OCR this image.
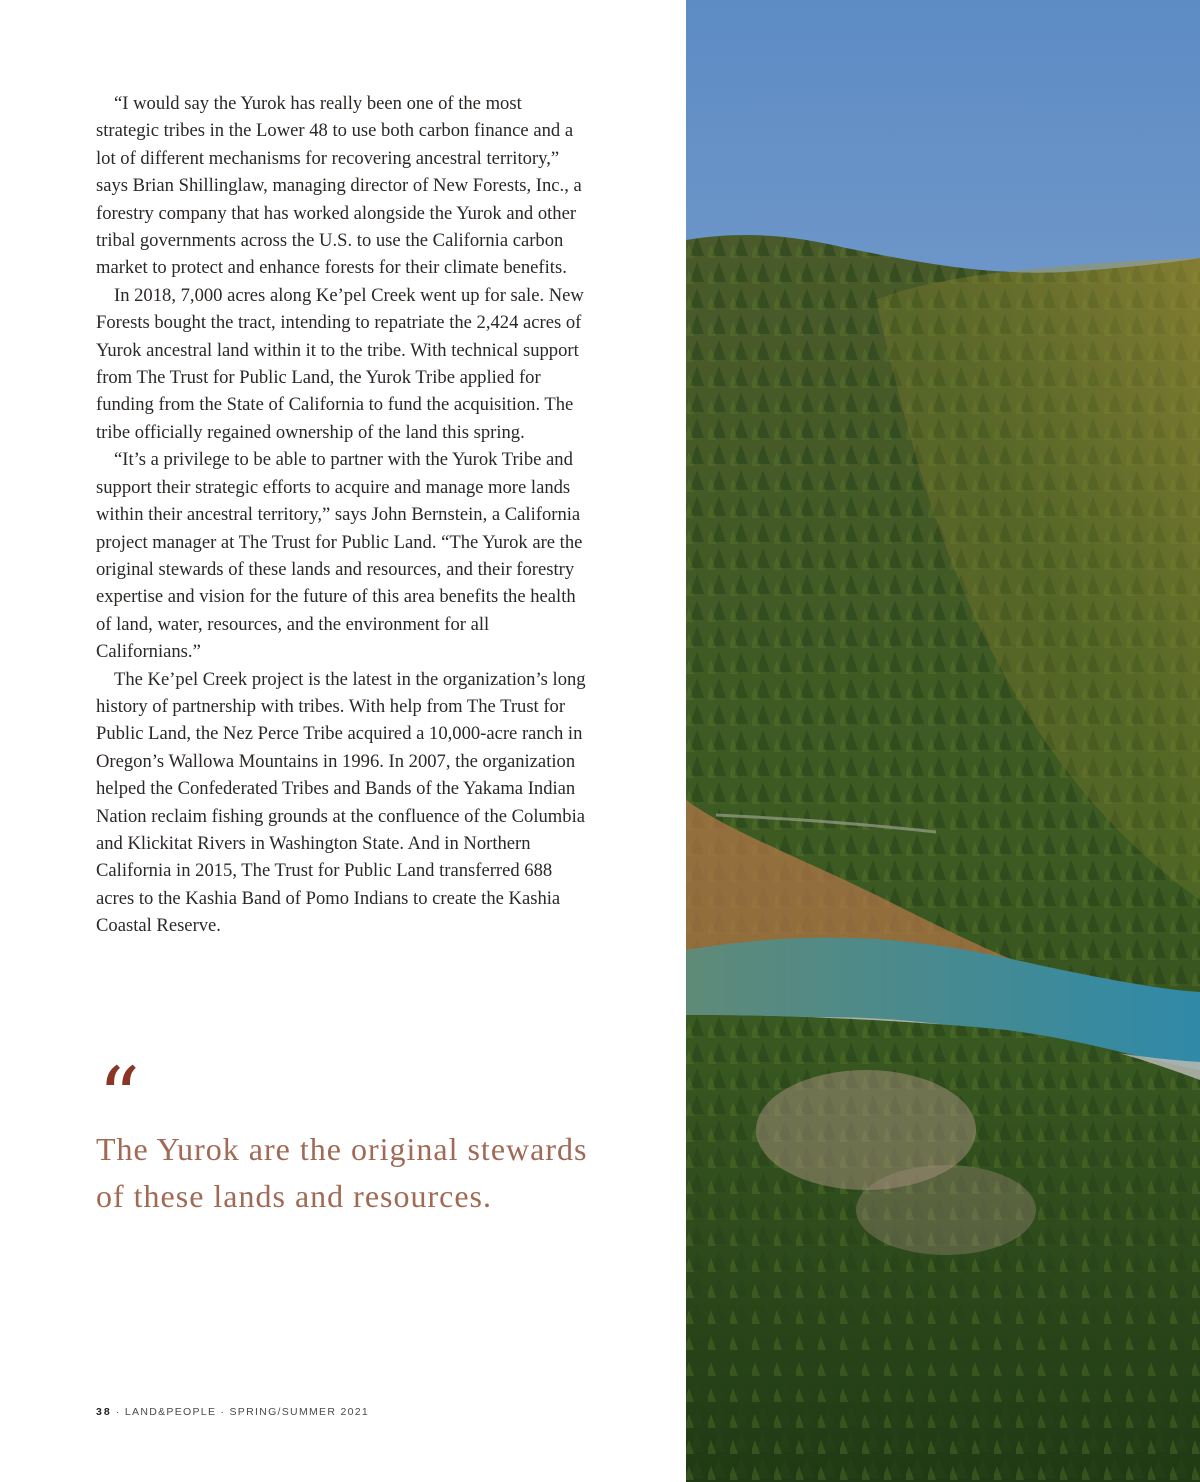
“I would say the Yurok has really been one of the most strategic tribes in the Lower 48 to use both carbon finance and a lot of different mechanisms for recovering ancestral territory,” says Brian Shillinglaw, managing director of New Forests, Inc., a forestry company that has worked alongside the Yurok and other tribal governments across the U.S. to use the California carbon market to protect and enhance forests for their climate benefits.

In 2018, 7,000 acres along Ke’pel Creek went up for sale. New Forests bought the tract, intending to repatriate the 2,424 acres of Yurok ancestral land within it to the tribe. With technical support from The Trust for Public Land, the Yurok Tribe applied for funding from the State of California to fund the acquisition. The tribe officially regained ownership of the land this spring.

“It’s a privilege to be able to partner with the Yurok Tribe and support their strategic efforts to acquire and manage more lands within their ancestral territory,” says John Bernstein, a California project manager at The Trust for Public Land. “The Yurok are the original stewards of these lands and resources, and their forestry expertise and vision for the future of this area benefits the health of land, water, resources, and the environment for all Californians.”

The Ke’pel Creek project is the latest in the organization’s long history of partnership with tribes. With help from The Trust for Public Land, the Nez Perce Tribe acquired a 10,000-acre ranch in Oregon’s Wallowa Mountains in 1996. In 2007, the organization helped the Confederated Tribes and Bands of the Yakama Indian Nation reclaim fishing grounds at the confluence of the Columbia and Klickitat Rivers in Washington State. And in Northern California in 2015, The Trust for Public Land transferred 688 acres to the Kashia Band of Pomo Indians to create the Kashia Coastal Reserve.

“
The Yurok are the original stewards
of these lands and resources.
38 · LAND&PEOPLE · SPRING/SUMMER 2021
